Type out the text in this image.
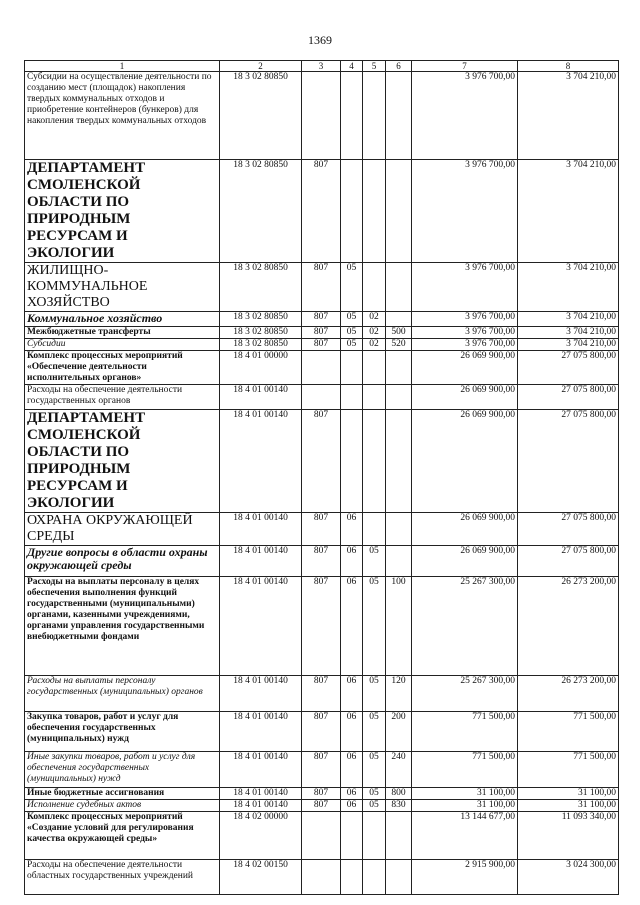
1369
1	2	3	4	5	6	7	8
Субсидии на осуществление деятельности по созданию мест (площадок) накопления твердых коммунальных отходов и приобретение контейнеров (бункеров) для накопления твердых коммунальных отходов	18 3 02 80850					3 976 700,00	3 704 210,00
ДЕПАРТАМЕНТ СМОЛЕНСКОЙ ОБЛАСТИ ПО ПРИРОДНЫМ РЕСУРСАМ И ЭКОЛОГИИ	18 3 02 80850	807				3 976 700,00	3 704 210,00
ЖИЛИЩНО-КОММУНАЛЬНОЕ ХОЗЯЙСТВО	18 3 02 80850	807	05			3 976 700,00	3 704 210,00
Коммунальное хозяйство	18 3 02 80850	807	05	02		3 976 700,00	3 704 210,00
Межбюджетные трансферты	18 3 02 80850	807	05	02	500	3 976 700,00	3 704 210,00
Субсидии	18 3 02 80850	807	05	02	520	3 976 700,00	3 704 210,00
Комплекс процессных мероприятий «Обеспечение деятельности исполнительных органов»	18 4 01 00000					26 069 900,00	27 075 800,00
Расходы на обеспечение деятельности государственных органов	18 4 01 00140					26 069 900,00	27 075 800,00
ДЕПАРТАМЕНТ СМОЛЕНСКОЙ ОБЛАСТИ ПО ПРИРОДНЫМ РЕСУРСАМ И ЭКОЛОГИИ	18 4 01 00140	807				26 069 900,00	27 075 800,00
ОХРАНА ОКРУЖАЮЩЕЙ СРЕДЫ	18 4 01 00140	807	06			26 069 900,00	27 075 800,00
Другие вопросы в области охраны окружающей среды	18 4 01 00140	807	06	05		26 069 900,00	27 075 800,00
Расходы на выплаты персоналу в целях обеспечения выполнения функций государственными (муниципальными) органами, казенными учреждениями, органами управления государственными внебюджетными фондами	18 4 01 00140	807	06	05	100	25 267 300,00	26 273 200,00
Расходы на выплаты персоналу государственных (муниципальных) органов	18 4 01 00140	807	06	05	120	25 267 300,00	26 273 200,00
Закупка товаров, работ и услуг для обеспечения государственных (муниципальных) нужд	18 4 01 00140	807	06	05	200	771 500,00	771 500,00
Иные закупки товаров, работ и услуг для обеспечения государственных (муниципальных) нужд	18 4 01 00140	807	06	05	240	771 500,00	771 500,00
Иные бюджетные ассигнования	18 4 01 00140	807	06	05	800	31 100,00	31 100,00
Исполнение судебных актов	18 4 01 00140	807	06	05	830	31 100,00	31 100,00
Комплекс процессных мероприятий «Создание условий для регулирования качества окружающей среды»	18 4 02 00000					13 144 677,00	11 093 340,00
Расходы на обеспечение деятельности областных государственных учреждений	18 4 02 00150					2 915 900,00	3 024 300,00
